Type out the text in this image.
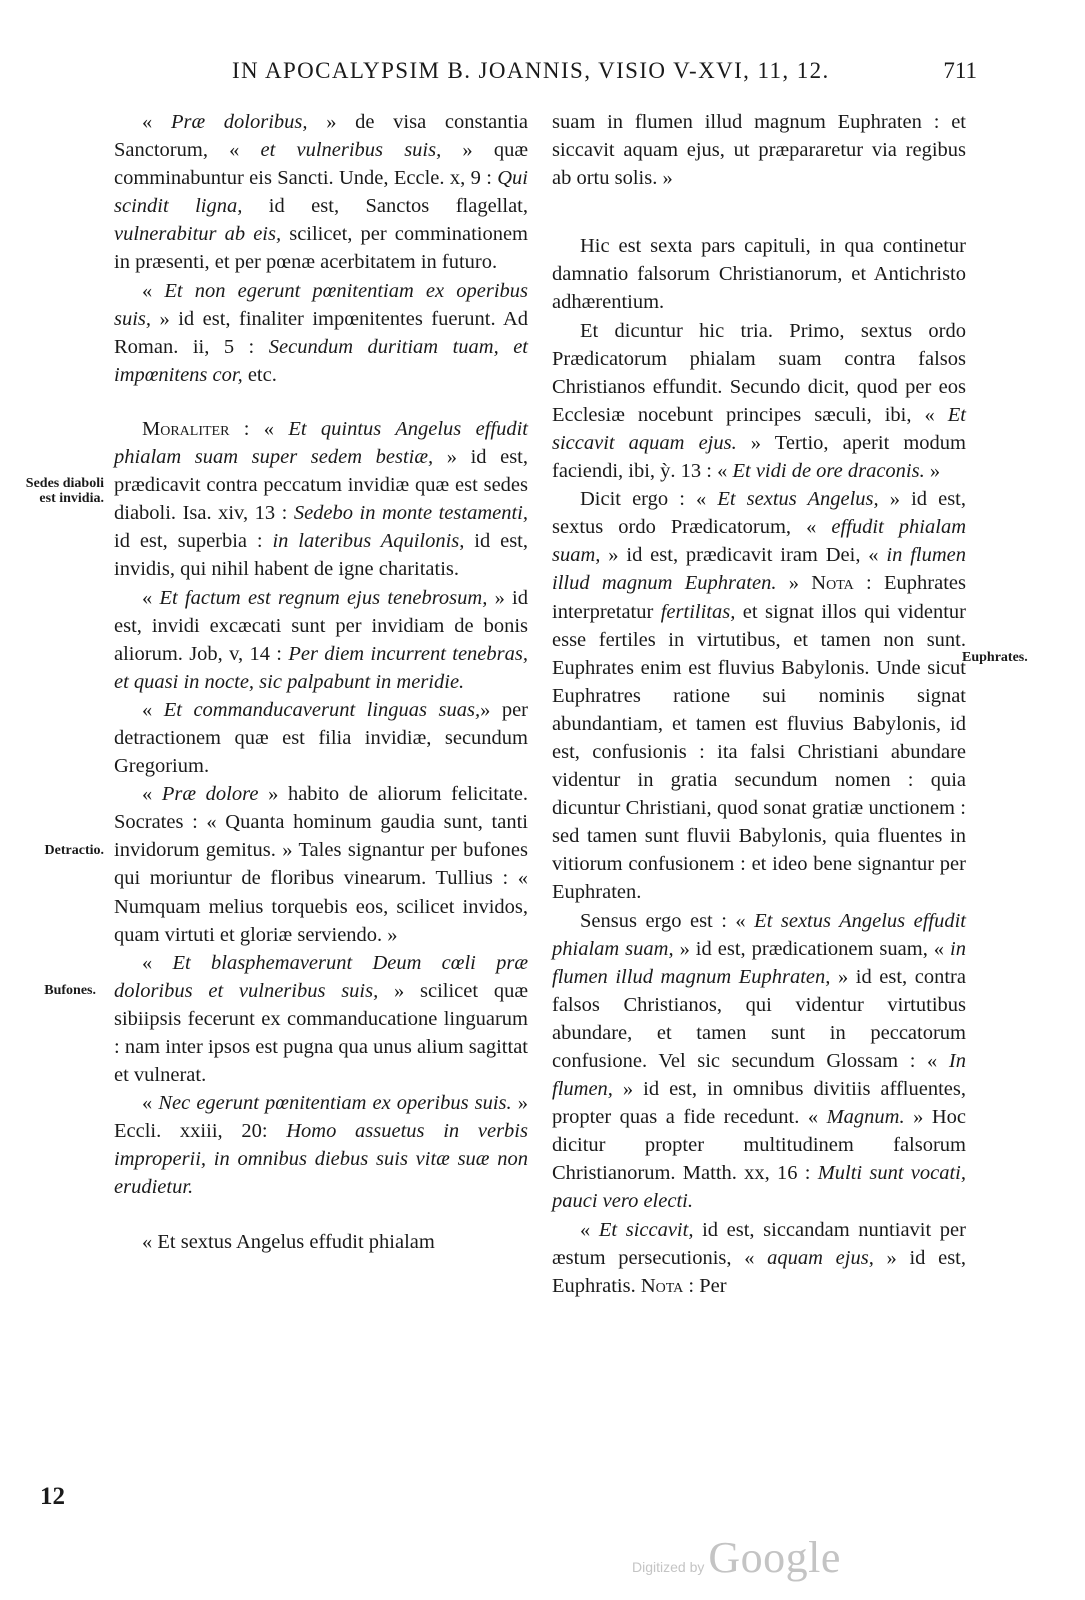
IN APOCALYPSIM B. JOANNIS, VISIO V-XVI, 11, 12.	711
Sedes diaboli est invidia.
Detractio.
Bufones.
Euphrates.

« Præ doloribus, » de visa constantia Sanctorum, « et vulneribus suis, » quæ comminabuntur eis Sancti. Unde, Eccle. x, 9 : Qui scindit ligna, id est, Sanctos flagellat, vulnerabitur ab eis, scilicet, per comminationem in præsenti, et per pœnæ acerbitatem in futuro.

« Et non egerunt pœnitentiam ex operibus suis, » id est, finaliter impœnitentes fuerunt. Ad Roman. ii, 5 : Secundum duritiam tuam, et impœnitens cor, etc.

Moraliter : « Et quintus Angelus effudit phialam suam super sedem bestiæ, » id est, prædicavit contra peccatum invidiæ quæ est sedes diaboli. Isa. xiv, 13 : Sedebo in monte testamenti, id est, superbia : in lateribus Aquilonis, id est, invidis, qui nihil habent de igne charitatis.

« Et factum est regnum ejus tenebrosum, » id est, invidi excæcati sunt per invidiam de bonis aliorum. Job, v, 14 : Per diem incurrent tenebras, et quasi in nocte, sic palpabunt in meridie.

« Et commanducaverunt linguas suas,» per detractionem quæ est filia invidiæ, secundum Gregorium.

« Præ dolore » habito de aliorum felicitate. Socrates : « Quanta hominum gaudia sunt, tanti invidorum gemitus. » Tales signantur per bufones qui moriuntur de floribus vinearum. Tullius : « Numquam melius torquebis eos, scilicet invidos, quam virtuti et gloriæ serviendo. »

« Et blasphemaverunt Deum cœli præ doloribus et vulneribus suis, » scilicet quæ sibiipsis fecerunt ex commanducatione linguarum : nam inter ipsos est pugna qua unus alium sagittat et vulnerat.

« Nec egerunt pœnitentiam ex operibus suis. » Eccli. xxiii, 20: Homo assuetus in verbis improperii, in omnibus diebus suis vitæ suæ non erudietur.

« Et sextus Angelus effudit phialam

suam in flumen illud magnum Euphraten : et siccavit aquam ejus, ut præpararetur via regibus ab ortu solis. »

Hic est sexta pars capituli, in qua continetur damnatio falsorum Christianorum, et Antichristo adhærentium.

Et dicuntur hic tria. Primo, sextus ordo Prædicatorum phialam suam contra falsos Christianos effundit. Secundo dicit, quod per eos Ecclesiæ nocebunt principes sæculi, ibi, « Et siccavit aquam ejus. » Tertio, aperit modum faciendi, ibi, ỳ. 13 : « Et vidi de ore draconis. »

Dicit ergo : « Et sextus Angelus, » id est, sextus ordo Prædicatorum, « effudit phialam suam, » id est, prædicavit iram Dei, « in flumen illud magnum Euphraten. » Nota : Euphrates interpretatur fertilitas, et signat illos qui videntur esse fertiles in virtutibus, et tamen non sunt. Euphrates enim est fluvius Babylonis. Unde sicut Euphratres ratione sui nominis signat abundantiam, et tamen est fluvius Babylonis, id est, confusionis : ita falsi Christiani abundare videntur in gratia secundum nomen : quia dicuntur Christiani, quod sonat gratiæ unctionem : sed tamen sunt fluvii Babylonis, quia fluentes in vitiorum confusionem : et ideo bene signantur per Euphraten.

Sensus ergo est : « Et sextus Angelus effudit phialam suam, » id est, prædicationem suam, « in flumen illud magnum Euphraten, » id est, contra falsos Christianos, qui videntur virtutibus abundare, et tamen sunt in peccatorum confusione. Vel sic secundum Glossam : « In flumen, » id est, in omnibus divitiis affluentes, propter quas a fide recedunt. « Magnum. » Hoc dicitur propter multitudinem falsorum Christianorum. Matth. xx, 16 : Multi sunt vocati, pauci vero electi.

« Et siccavit, id est, siccandam nuntiavit per æstum persecutionis, « aquam ejus, » id est, Euphratis. Nota : Per

12
Digitized by Google
